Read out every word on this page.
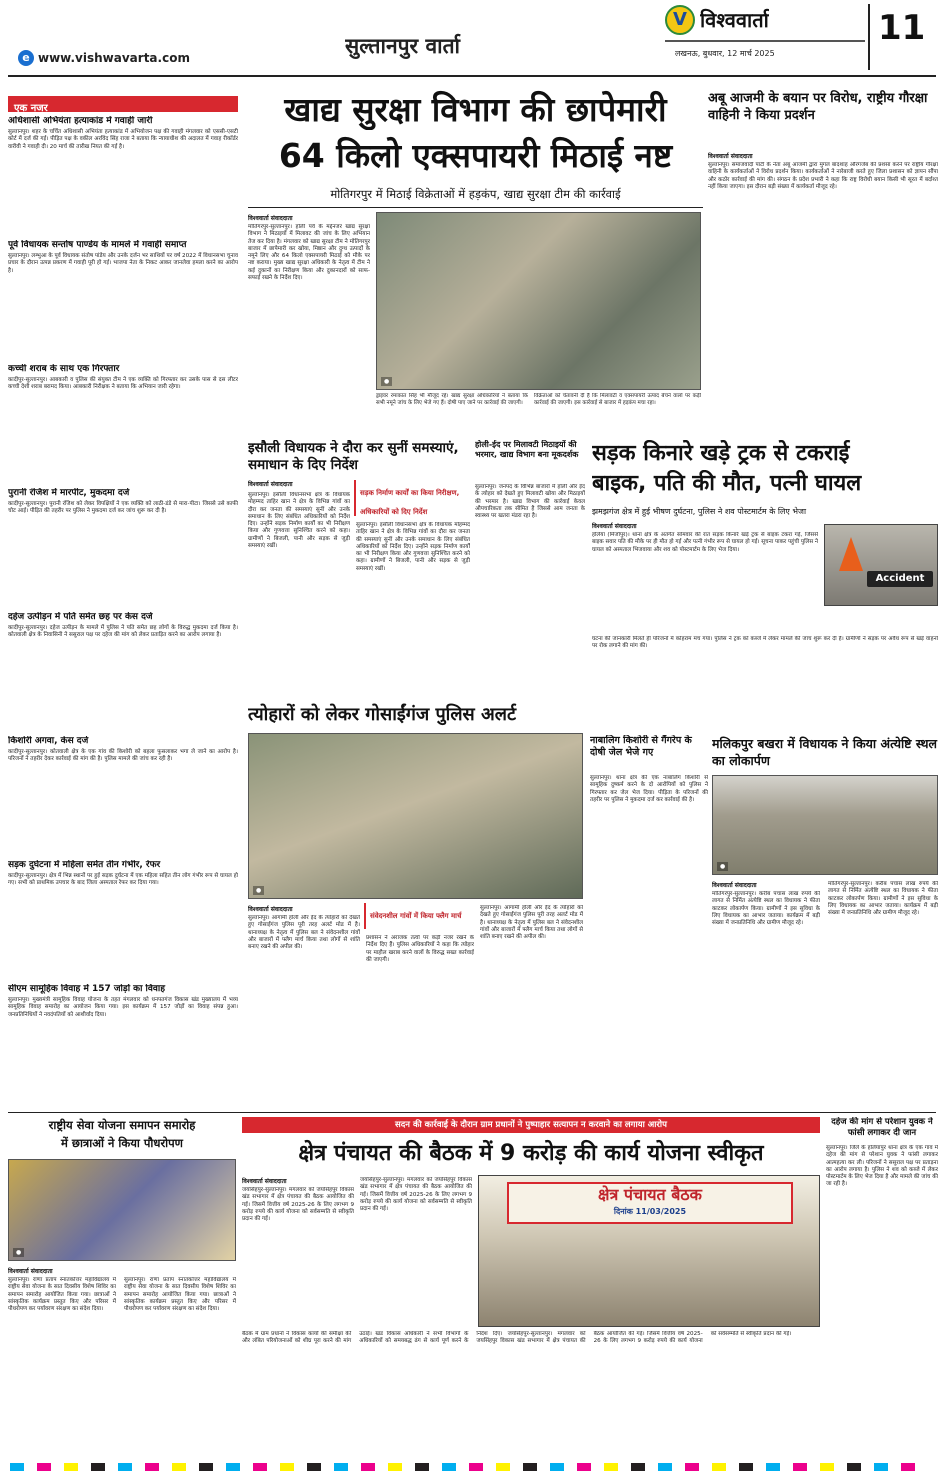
सुल्तानपुर वार्ता
e www.vishwavarta.com
V विश्ववार्ता
लखनऊ, बुधवार, 12 मार्च 2025
11
एक नजर
अधिशासी अभियंता हत्याकांड में गवाही जारी
सुल्तानपुर। शहर के चर्चित अधिशासी अभियंता हत्याकांड में अभियोजन पक्ष की गवाही मंगलवार को एससी-एसटी कोर्ट में दर्ज की गई। पीड़ित पक्ष के वकील अरविंद सिंह राजा ने बताया कि न्यायाधीश की अदालत में गवाह रीकॉर्डर वारीवी ने गवाही दी। 20 मार्च की तारीख नियत की गई है।
पूर्व विधायक सन्तोष पाण्डेय के मामले में गवाही समाप्त
सुल्तानपुर। लम्भुआ के पूर्व विधायक संतोष पांडेय और उनके दर्जन भर साथियों पर वर्ष 2022 में विधानसभा चुनाव प्रचार के दौरान उत्पन्न प्रकरण में गवाही पूरी हो गई। भाजपा नेता के निकट आकर जानलेवा हमला करने का आरोप है।
कच्ची शराब के साथ एक गिरफ्तार
कादीपुर-सुल्तानपुर। आबकारी व पुलिस की संयुक्त टीम ने एक व्यक्ति को गिरफ्तार कर उसके पास से दस लीटर कच्ची देशी शराब बरामद किया। आबकारी निरीक्षक ने बताया कि अभियान जारी रहेगा।
पुरानी रंजिश में मारपीट, मुकदमा दर्ज
कादीपुर-सुल्तानपुर। पुरानी रंजिश को लेकर विपक्षियों ने एक व्यक्ति को लाठी-डंडे से मारा-पीटा। जिससे उसे काफी चोट आई। पीड़ित की तहरीर पर पुलिस ने मुकदमा दर्ज कर जांच शुरू कर दी है।
दहेज उत्पीड़न में पति समेत छह पर केस दर्ज
कादीपुर-सुल्तानपुर। दहेज उत्पीड़न के मामले में पुलिस ने पति समेत छह लोगों के विरुद्ध मुकदमा दर्ज किया है। कोतवाली क्षेत्र के निवासिनी ने ससुराल पक्ष पर दहेज की मांग को लेकर प्रताड़ित करने का आरोप लगाया है।
किशोरी अगवा, केस दर्ज
कादीपुर-सुल्तानपुर। कोतवाली क्षेत्र के एक गांव की किशोरी को बहला फुसलाकर भगा ले जाने का आरोप है। परिजनों ने तहरीर देकर कार्रवाई की मांग की है। पुलिस मामले की जांच कर रही है।
सड़क दुर्घटना में महिला समेत तीन गंभीर, रेफर
कादीपुर-सुल्तानपुर। क्षेत्र में भिन्न स्थानों पर हुई सड़क दुर्घटना में एक महिला सहित तीन लोग गंभीर रूप से घायल हो गए। सभी को प्राथमिक उपचार के बाद जिला अस्पताल रेफर कर दिया गया।
सीएम सामूहिक विवाह में 157 जोड़ों का विवाह
सुल्तानपुर। मुख्यमंत्री सामूहिक विवाह योजना के तहत मंगलवार को धनपतगंज विकास खंड मुख्यालय में भव्य सामूहिक विवाह समारोह का आयोजन किया गया। इस कार्यक्रम में 157 जोड़ों का विवाह संपन्न हुआ। जनप्रतिनिधियों ने नवदंपतियों को आशीर्वाद दिया।
खाद्य सुरक्षा विभाग की छापेमारी
64 किलो एक्सपायरी मिठाई नष्ट
मोतिगरपुर में मिठाई विक्रेताओं में हड़कंप, खाद्य सुरक्षा टीम की कार्रवाई
विश्ववार्ता संवाददाता
मोतिगरपुर-सुल्तानपुर। होली पर्व के मद्देनजर खाद्य सुरक्षा विभाग ने मिठाइयों में मिलावट की जांच के लिए अभियान तेज कर दिया है। मंगलवार को खाद्य सुरक्षा टीम ने मोतिगरपुर बाजार में छापेमारी कर खोया, मिष्ठान और दुग्ध उत्पादों के नमूने लिए और 64 किलो एक्सपायरी मिठाई को मौके पर नष्ट कराया। मुख्य खाद्य सुरक्षा अधिकारी के नेतृत्व में टीम ने कई दुकानों का निरीक्षण किया और दुकानदारों को साफ-सफाई रखने के निर्देश दिए।
●
ड्राइवर रमाकांत सिंह भी मौजूद रहे। खाद्य सुरक्षा अधिकारियों ने बताया कि सभी नमूने जांच के लिए भेजे गए हैं। दोषी पाए जाने पर कार्रवाई की जाएगी।
विक्रेताओं को चेतावनी दी है कि मिलावटी व एक्सपायरी उत्पाद बेचने वालों पर कड़ी कार्रवाई की जाएगी। इस कार्रवाई से बाजार में हड़कंप मचा रहा।
अबू आजमी के बयान पर विरोध, राष्ट्रीय गौरक्षा वाहिनी ने किया प्रदर्शन
विश्ववार्ता संवाददाता
सुल्तानपुर। समाजवादी पार्टी के नेता अबू आजमी द्वारा मुगल बादशाह औरंगजेब की प्रशंसा करने पर राष्ट्रीय गौरक्षा वाहिनी के कार्यकर्ताओं ने विरोध प्रदर्शन किया। कार्यकर्ताओं ने नारेबाजी करते हुए जिला प्रशासन को ज्ञापन सौंपा और कठोर कार्रवाई की मांग की। संगठन के प्रदेश प्रभारी ने कहा कि राष्ट्र विरोधी बयान किसी भी सूरत में बर्दाश्त नहीं किया जाएगा। इस दौरान बड़ी संख्या में कार्यकर्ता मौजूद रहे।
इसौली विधायक ने दौरा कर सुनीं समस्याएं, समाधान के दिए निर्देश
विश्ववार्ता संवाददाता
सड़क निर्माण कार्यों का किया निरीक्षण, अधिकारियों को दिए निर्देश
सुल्तानपुर। इसौली विधानसभा क्षेत्र के विधायक मोहम्मद ताहिर खान ने क्षेत्र के विभिन्न गांवों का दौरा कर जनता की समस्याएं सुनीं और उनके समाधान के लिए संबंधित अधिकारियों को निर्देश दिए। उन्होंने सड़क निर्माण कार्यों का भी निरीक्षण किया और गुणवत्ता सुनिश्चित करने को कहा। ग्रामीणों ने बिजली, पानी और सड़क से जुड़ी समस्याएं रखीं।
सुल्तानपुर। इसौली विधानसभा क्षेत्र के विधायक मोहम्मद ताहिर खान ने क्षेत्र के विभिन्न गांवों का दौरा कर जनता की समस्याएं सुनीं और उनके समाधान के लिए संबंधित अधिकारियों को निर्देश दिए। उन्होंने सड़क निर्माण कार्यों का भी निरीक्षण किया और गुणवत्ता सुनिश्चित करने को कहा। ग्रामीणों ने बिजली, पानी और सड़क से जुड़ी समस्याएं रखीं।
होली-ईद पर मिलावटी मिठाइयों की भरमार, खाद्य विभाग बना मूकदर्शक
सुल्तानपुर। जनपद के विभिन्न बाजारों में होली और ईद के त्योहार को देखते हुए मिलावटी खोया और मिठाइयों की भरमार है। खाद्य विभाग की कार्रवाई केवल औपचारिकता तक सीमित है जिससे आम जनता के स्वास्थ्य पर खतरा मंडरा रहा है।
सड़क किनारे खड़े ट्रक से टकराई
बाइक, पति की मौत, पत्नी घायल
झमझगंज क्षेत्र में हुई भीषण दुर्घटना, पुलिस ने शव पोस्टमार्टम के लिए भेजा
विश्ववार्ता संवाददाता
हलिया (मिर्जापुर)। थाना क्षेत्र के अंतर्गत सोमवार की रात सड़क किनारे खड़े ट्रक से बाइक टकरा गई, जिससे बाइक सवार पति की मौके पर ही मौत हो गई और पत्नी गंभीर रूप से घायल हो गई। सूचना पाकर पहुंची पुलिस ने घायल को अस्पताल भिजवाया और शव को पोस्टमार्टम के लिए भेज दिया।
Accident
घटना की जानकारी मिलते ही परिजनों में कोहराम मच गया। पुलिस ने ट्रक को कब्जे में लेकर मामले की जांच शुरू कर दी है। ग्रामीणों ने सड़क पर अवैध रूप से खड़े वाहनों पर रोक लगाने की मांग की।
त्योहारों को लेकर गोसाईंगंज पुलिस अलर्ट
●
विश्ववार्ता संवाददाता
संवेदनशील गांवों में किया फ्लैग मार्च
सुल्तानपुर। आगामी होली और ईद के त्योहारों को देखते हुए गोसाईंगंज पुलिस पूरी तरह अलर्ट मोड में है। थानाध्यक्ष के नेतृत्व में पुलिस बल ने संवेदनशील गांवों और बाजारों में फ्लैग मार्च किया तथा लोगों से शांति बनाए रखने की अपील की।
प्रशासन ने अराजक तत्वों पर कड़ी नजर रखने के निर्देश दिए हैं। पुलिस अधिकारियों ने कहा कि त्योहार पर माहौल खराब करने वालों के विरुद्ध सख्त कार्रवाई की जाएगी।
सुल्तानपुर। आगामी होली और ईद के त्योहारों को देखते हुए गोसाईंगंज पुलिस पूरी तरह अलर्ट मोड में है। थानाध्यक्ष के नेतृत्व में पुलिस बल ने संवेदनशील गांवों और बाजारों में फ्लैग मार्च किया तथा लोगों से शांति बनाए रखने की अपील की।
नाबालिग किशोरी से गैंगरेप के दोषी जेल भेजे गए
सुल्तानपुर। थाना क्षेत्र की एक नाबालिग किशोरी से सामूहिक दुष्कर्म करने के दो आरोपियों को पुलिस ने गिरफ्तार कर जेल भेज दिया। पीड़िता के परिजनों की तहरीर पर पुलिस ने मुकदमा दर्ज कर कार्रवाई की है।
मलिकपुर बखरा में विधायक ने किया अंत्येष्टि स्थल का लोकार्पण
●
विश्ववार्ता संवाददाता
मोतिगरपुर-सुल्तानपुर। करीब पचास लाख रुपये की लागत से निर्मित अंत्येष्टि स्थल का विधायक ने फीता काटकर लोकार्पण किया। ग्रामीणों ने इस सुविधा के लिए विधायक का आभार जताया। कार्यक्रम में बड़ी संख्या में जनप्रतिनिधि और ग्रामीण मौजूद रहे।
मोतिगरपुर-सुल्तानपुर। करीब पचास लाख रुपये की लागत से निर्मित अंत्येष्टि स्थल का विधायक ने फीता काटकर लोकार्पण किया। ग्रामीणों ने इस सुविधा के लिए विधायक का आभार जताया। कार्यक्रम में बड़ी संख्या में जनप्रतिनिधि और ग्रामीण मौजूद रहे।
राष्ट्रीय सेवा योजना समापन समारोह
में छात्राओं ने किया पौधरोपण
●
विश्ववार्ता संवाददाता
सुल्तानपुर। राणा प्रताप स्नातकोत्तर महाविद्यालय में राष्ट्रीय सेवा योजना के सात दिवसीय विशेष शिविर का समापन समारोह आयोजित किया गया। छात्राओं ने सांस्कृतिक कार्यक्रम प्रस्तुत किए और परिसर में पौधरोपण कर पर्यावरण संरक्षण का संदेश दिया।
सुल्तानपुर। राणा प्रताप स्नातकोत्तर महाविद्यालय में राष्ट्रीय सेवा योजना के सात दिवसीय विशेष शिविर का समापन समारोह आयोजित किया गया। छात्राओं ने सांस्कृतिक कार्यक्रम प्रस्तुत किए और परिसर में पौधरोपण कर पर्यावरण संरक्षण का संदेश दिया।
सदन की कार्रवाई के दौरान ग्राम प्रधानों ने पुष्पाहार सत्यापन न करवाने का लगाया आरोप
क्षेत्र पंचायत की बैठक में 9 करोड़ की कार्य योजना स्वीकृत
विश्ववार्ता संवाददाता
जयसिंहपुर-सुल्तानपुर। मंगलवार को जयसिंहपुर विकास खंड सभागार में क्षेत्र पंचायत की बैठक आयोजित की गई। जिसमें वित्तीय वर्ष 2025-26 के लिए लगभग 9 करोड़ रुपये की कार्य योजना को सर्वसम्मति से स्वीकृति प्रदान की गई।
जयसिंहपुर-सुल्तानपुर। मंगलवार को जयसिंहपुर विकास खंड सभागार में क्षेत्र पंचायत की बैठक आयोजित की गई। जिसमें वित्तीय वर्ष 2025-26 के लिए लगभग 9 करोड़ रुपये की कार्य योजना को सर्वसम्मति से स्वीकृति प्रदान की गई।
क्षेत्र पंचायत बैठक
दिनांक 11/03/2025
बैठक में ग्राम प्रधानों ने विकास कार्यों की समीक्षा की और लंबित परियोजनाओं को शीघ्र पूरा करने की मांग उठाई। खंड विकास अधिकारी ने सभी विभागों के अधिकारियों को समयबद्ध ढंग से कार्य पूर्ण करने के निर्देश दिए। जयसिंहपुर-सुल्तानपुर। मंगलवार को जयसिंहपुर विकास खंड सभागार में क्षेत्र पंचायत की बैठक आयोजित की गई। जिसमें वित्तीय वर्ष 2025-26 के लिए लगभग 9 करोड़ रुपये की कार्य योजना को सर्वसम्मति से स्वीकृति प्रदान की गई।
दहेज की मांग से परेशान युवक ने फांसी लगाकर दी जान
सुल्तानपुर। जिले के हलियापुर थाना क्षेत्र के एक गांव में दहेज की मांग से परेशान युवक ने फांसी लगाकर आत्महत्या कर ली। परिजनों ने ससुराल पक्ष पर प्रताड़ना का आरोप लगाया है। पुलिस ने शव को कब्जे में लेकर पोस्टमार्टम के लिए भेज दिया है और मामले की जांच की जा रही है।
